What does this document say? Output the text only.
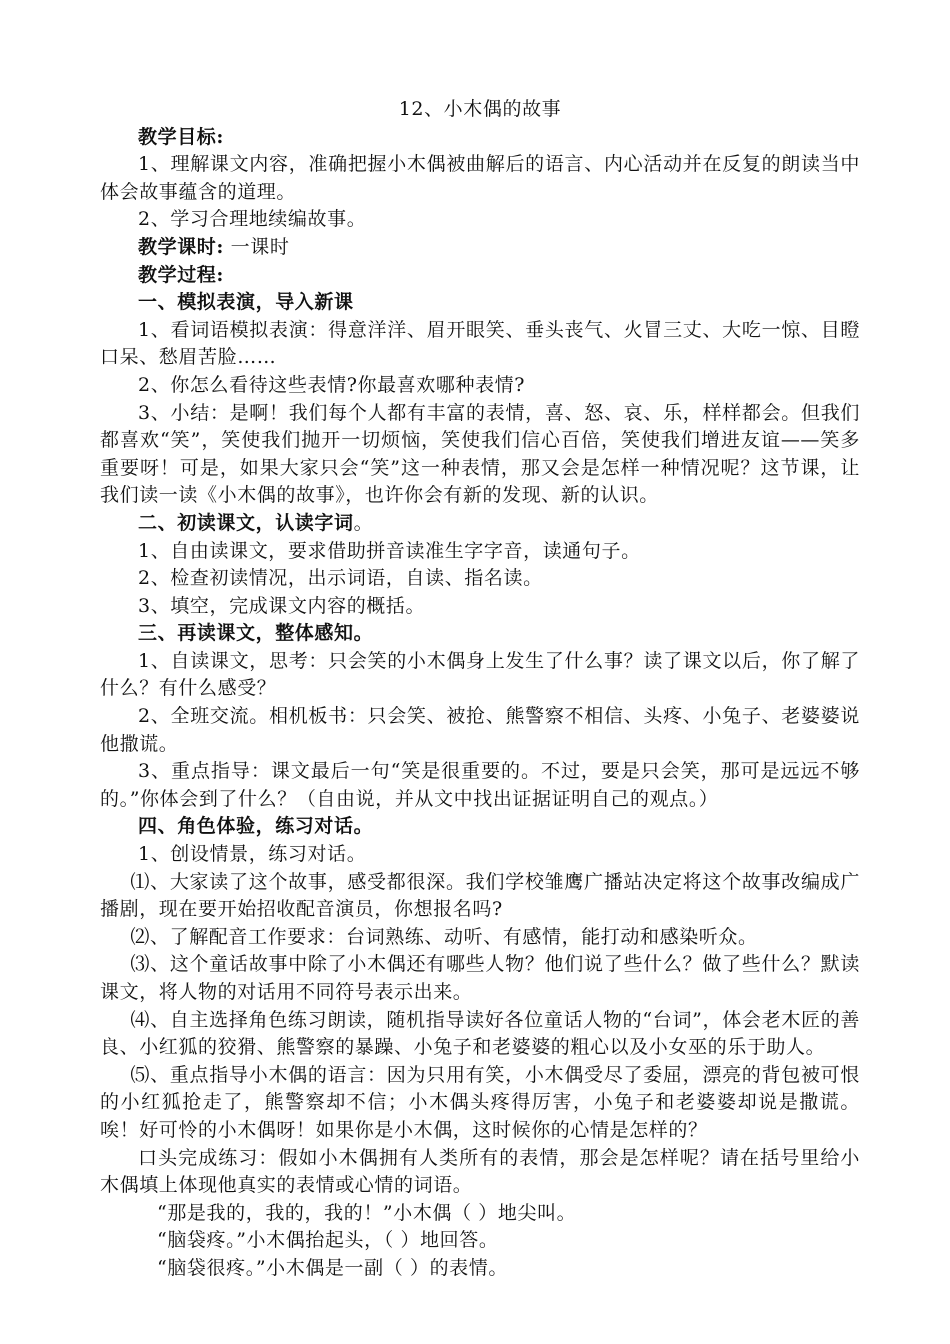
12、小木偶的故事

教学目标:

1、理解课文内容，准确把握小木偶被曲解后的语言、内心活动并在反复的朗读当中体会故事蕴含的道理。

2、学习合理地续编故事。

教学课时: 一课时

教学过程:

一、模拟表演，导入新课

1、看词语模拟表演：得意洋洋、眉开眼笑、垂头丧气、火冒三丈、大吃一惊、目瞪口呆、愁眉苦脸……

2、你怎么看待这些表情?你最喜欢哪种表情?

3、小结：是啊！我们每个人都有丰富的表情，喜、怒、哀、乐，样样都会。但我们都喜欢“笑”，笑使我们抛开一切烦恼，笑使我们信心百倍，笑使我们增进友谊——笑多重要呀！可是，如果大家只会“笑”这一种表情，那又会是怎样一种情况呢？这节课，让我们读一读《小木偶的故事》，也许你会有新的发现、新的认识。

二、初读课文，认读字词。

1、自由读课文，要求借助拼音读准生字字音，读通句子。

2、检查初读情况，出示词语，自读、指名读。

3、填空，完成课文内容的概括。

三、再读课文，整体感知。

1、自读课文，思考：只会笑的小木偶身上发生了什么事？读了课文以后，你了解了什么？有什么感受？

2、全班交流。相机板书：只会笑、被抢、熊警察不相信、头疼、小兔子、老婆婆说他撒谎。

3、重点指导：课文最后一句“笑是很重要的。不过，要是只会笑，那可是远远不够的。”你体会到了什么？（自由说，并从文中找出证据证明自己的观点。）

四、角色体验，练习对话。

1、创设情景，练习对话。

⑴、大家读了这个故事，感受都很深。我们学校雏鹰广播站决定将这个故事改编成广播剧，现在要开始招收配音演员，你想报名吗?

⑵、了解配音工作要求：台词熟练、动听、有感情，能打动和感染听众。

⑶、这个童话故事中除了小木偶还有哪些人物？他们说了些什么？做了些什么？默读课文，将人物的对话用不同符号表示出来。

⑷、自主选择角色练习朗读，随机指导读好各位童话人物的“台词”，体会老木匠的善良、小红狐的狡猾、熊警察的暴躁、小兔子和老婆婆的粗心以及小女巫的乐于助人。

⑸、重点指导小木偶的语言：因为只用有笑，小木偶受尽了委屈，漂亮的背包被可恨的小红狐抢走了，熊警察却不信；小木偶头疼得厉害，小兔子和老婆婆却说是撒谎。唉！好可怜的小木偶呀！如果你是小木偶，这时候你的心情是怎样的？

口头完成练习：假如小木偶拥有人类所有的表情，那会是怎样呢？请在括号里给小木偶填上体现他真实的表情或心情的词语。

“那是我的，我的，我的！”小木偶（ ）地尖叫。

“脑袋疼。”小木偶抬起头，（ ）地回答。

“脑袋很疼。”小木偶是一副（ ）的表情。
